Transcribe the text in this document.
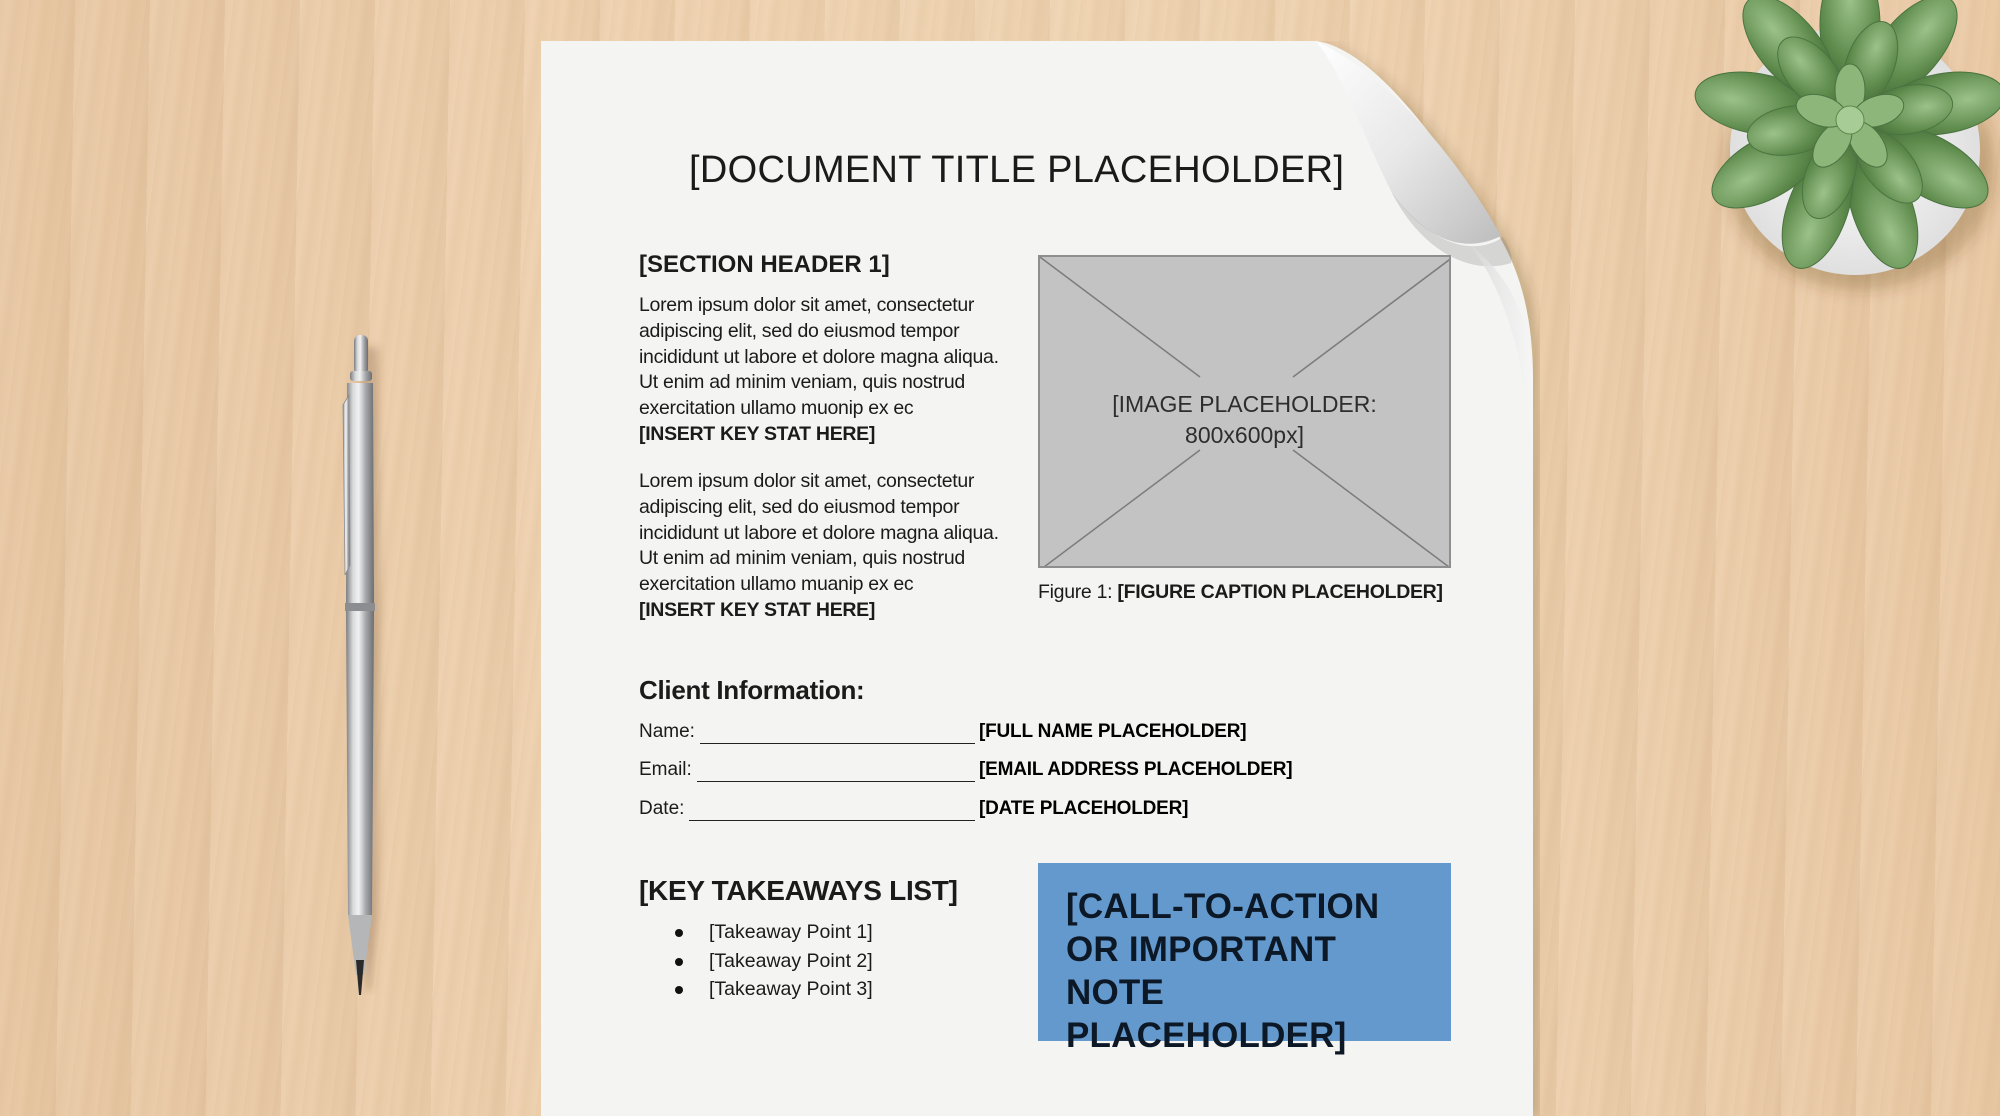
[DOCUMENT TITLE PLACEHOLDER]
[SECTION HEADER 1]
Lorem ipsum dolor sit amet, consectetur adipiscing elit, sed do eiusmod tempor incididunt ut labore et dolore magna aliqua. Ut enim ad minim veniam, quis nostrud exercitation ullamo muonip ex ec
[INSERT KEY STAT HERE]
Lorem ipsum dolor sit amet, consectetur adipiscing elit, sed do eiusmod tempor incididunt ut labore et dolore magna aliqua. Ut enim ad minim veniam, quis nostrud exercitation ullamo muanip ex ec
[INSERT KEY STAT HERE]
[IMAGE PLACEHOLDER:
800x600px]
Figure 1: [FIGURE CAPTION PLACEHOLDER]
Client Information:
Name:	[FULL NAME PLACEHOLDER]
Email:	[EMAIL ADDRESS PLACEHOLDER]
Date:	[DATE PLACEHOLDER]
[KEY TAKEAWAYS LIST]
[Takeaway Point 1]
[Takeaway Point 2]
[Takeaway Point 3]
[CALL-TO-ACTION OR IMPORTANT NOTE PLACEHOLDER]
